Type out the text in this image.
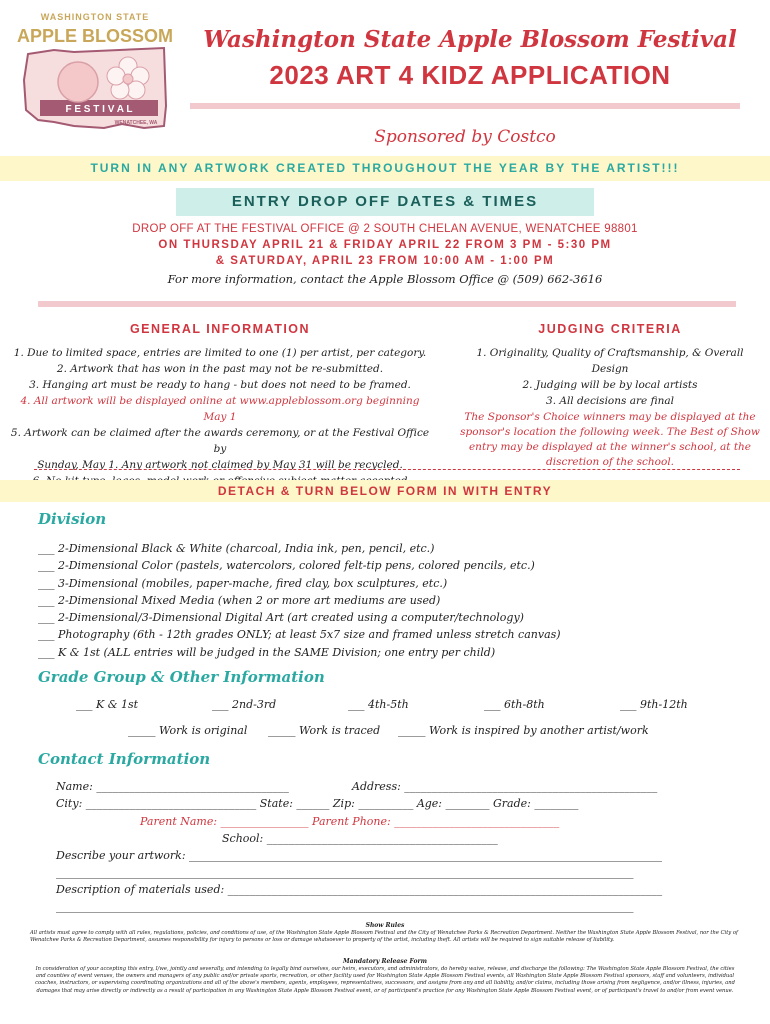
WASHINGTON STATE
APPLE BLOSSOM
F E S T I V A L
WENATCHEE, WA
Washington State Apple Blossom Festival
2023 ART 4 KIDZ APPLICATION
Sponsored by Costco
TURN IN ANY ARTWORK CREATED THROUGHOUT THE YEAR BY THE ARTIST!!!
ENTRY DROP OFF DATES & TIMES
DROP OFF AT THE FESTIVAL OFFICE @ 2 SOUTH CHELAN AVENUE, WENATCHEE 98801
ON THURSDAY APRIL 21 & FRIDAY APRIL 22 FROM 3 PM - 5:30 PM
& SATURDAY, APRIL 23 FROM 10:00 AM - 1:00 PM
For more information, contact the Apple Blossom Office @ (509) 662-3616
GENERAL INFORMATION
1. Due to limited space, entries are limited to one (1) per artist, per category.
2. Artwork that has won in the past may not be re-submitted.
3. Hanging art must be ready to hang - but does not need to be framed.
4. All artwork will be displayed online at www.appleblossom.org beginning May 1
5. Artwork can be claimed after the awards ceremony, or at the Festival Office by
Sunday, May 1. Any artwork not claimed by May 31 will be recycled.
JUDGING CRITERIA
1. Originality, Quality of Craftsmanship, & Overall
Design
2. Judging will be by local artists
3. All decisions are final
The Sponsor's Choice winners may be displayed at the sponsor's location the following week. The Best of Show entry may be displayed at the winner's school, at the discretion of the school.
DETACH & TURN BELOW FORM IN WITH ENTRY
Division
___ 2-Dimensional Black & White (charcoal, India ink, pen, pencil, etc.)
___ 2-Dimensional Color (pastels, watercolors, colored felt-tip pens, colored pencils, etc.)
___ 3-Dimensional (mobiles, paper-mache, fired clay, box sculptures, etc.)
___ 2-Dimensional Mixed Media (when 2 or more art mediums are used)
___ 2-Dimensional/3-Dimensional Digital Art (art created using a computer/technology)
___ Photography (6th - 12th grades ONLY; at least 5x7 size and framed unless stretch canvas)
___ K & 1st (ALL entries will be judged in the SAME Division; one entry per child)
Grade Group & Other Information
___ K & 1st	___ 2nd-3rd	___ 4th-5th	___ 6th-8th	___ 9th-12th
_____ Work is original _____ Work is traced _____ Work is inspired by another artist/work
Contact Information
Name: ___________________________________	Address: ______________________________________________
City: _______________________________ State: ______ Zip: __________ Age: ________ Grade: ________
Parent Name: ________________ Parent Phone: ______________________________
School: __________________________________________
Describe your artwork: ______________________________________________________________________________________
_________________________________________________________________________________________________________
Description of materials used: _______________________________________________________________________________
_________________________________________________________________________________________________________
Show Rules
All artists must agree to comply with all rules, regulations, policies, and conditions of use, of the Washington State Apple Blossom Festival and the City of Wenatchee Parks & Recreation Department. Neither the Washington State Apple Blossom Festival, nor the City of Wenatchee Parks & Recreation Department, assumes responsibility for injury to persons or loss or damage whatsoever to property of the artist, including theft. All artists will be required to sign suitable release of liability.
Mandatory Release Form
In consideration of your accepting this entry, I/we, jointly and severally, and intending to legally bind ourselves, our heirs, executors, and administrators, do hereby waive, release, and discharge the following: The Washington State Apple Blossom Festival, the cities and counties of event venues, the owners and managers of any public and/or private sports, recreation, or other facility used for Washington State Apple Blossom Festival events, all Washington State Apple Blossom Festival sponsors, staff and volunteers, individual coaches, instructors, or supervising coordinating organizations and all of the above's members, agents, employees, representatives, successors, and assigns from any and all liability, and/or claims, including those arising from negligence, and/or illness, injuries, and damages that may arise directly or indirectly as a result of participation in any Washington State Apple Blossom Festival event, or of participant's practice for any Washington State Apple Blossom Festival event, or of participant's travel to and/or from event venue.
